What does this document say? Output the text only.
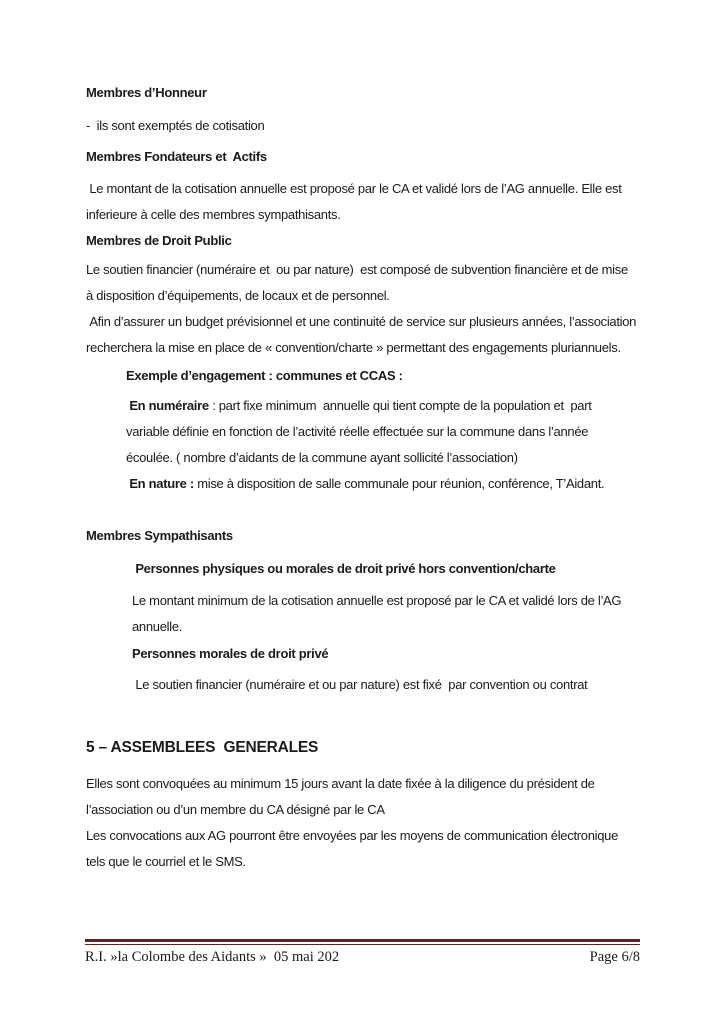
Membres d’Honneur

-  ils sont exemptés de cotisation

Membres Fondateurs et  Actifs

Le montant de la cotisation annuelle est proposé par le CA et validé lors de l’AG annuelle. Elle est inferieure à celle des membres sympathisants.

Membres de Droit Public

Le soutien financier (numéraire et  ou par nature)  est composé de subvention financière et de mise à disposition d’équipements, de locaux et de personnel.

Afin d’assurer un budget prévisionnel et une continuité de service sur plusieurs années, l’association recherchera la mise en place de « convention/charte » permettant des engagements pluriannuels.

Exemple d’engagement : communes et CCAS :

En numéraire : part fixe minimum  annuelle qui tient compte de la population et  part variable définie en fonction de l’activité réelle effectuée sur la commune dans l’année écoulée. ( nombre d’aidants de la commune ayant sollicité l’association)

En nature : mise à disposition de salle communale pour réunion, conférence, T’Aidant.

Membres Sympathisants

Personnes physiques ou morales de droit privé hors convention/charte

Le montant minimum de la cotisation annuelle est proposé par le CA et validé lors de l’AG annuelle.

Personnes morales de droit privé

Le soutien financier (numéraire et ou par nature) est fixé  par convention ou contrat

5 – ASSEMBLEES  GENERALES

Elles sont convoquées au minimum 15 jours avant la date fixée à la diligence du président de l’association ou d’un membre du CA désigné par le CA

Les convocations aux AG pourront être envoyées par les moyens de communication électronique tels que le courriel et le SMS.

R.I. »la Colombe des Aidants »  05 mai 202	Page 6/8
